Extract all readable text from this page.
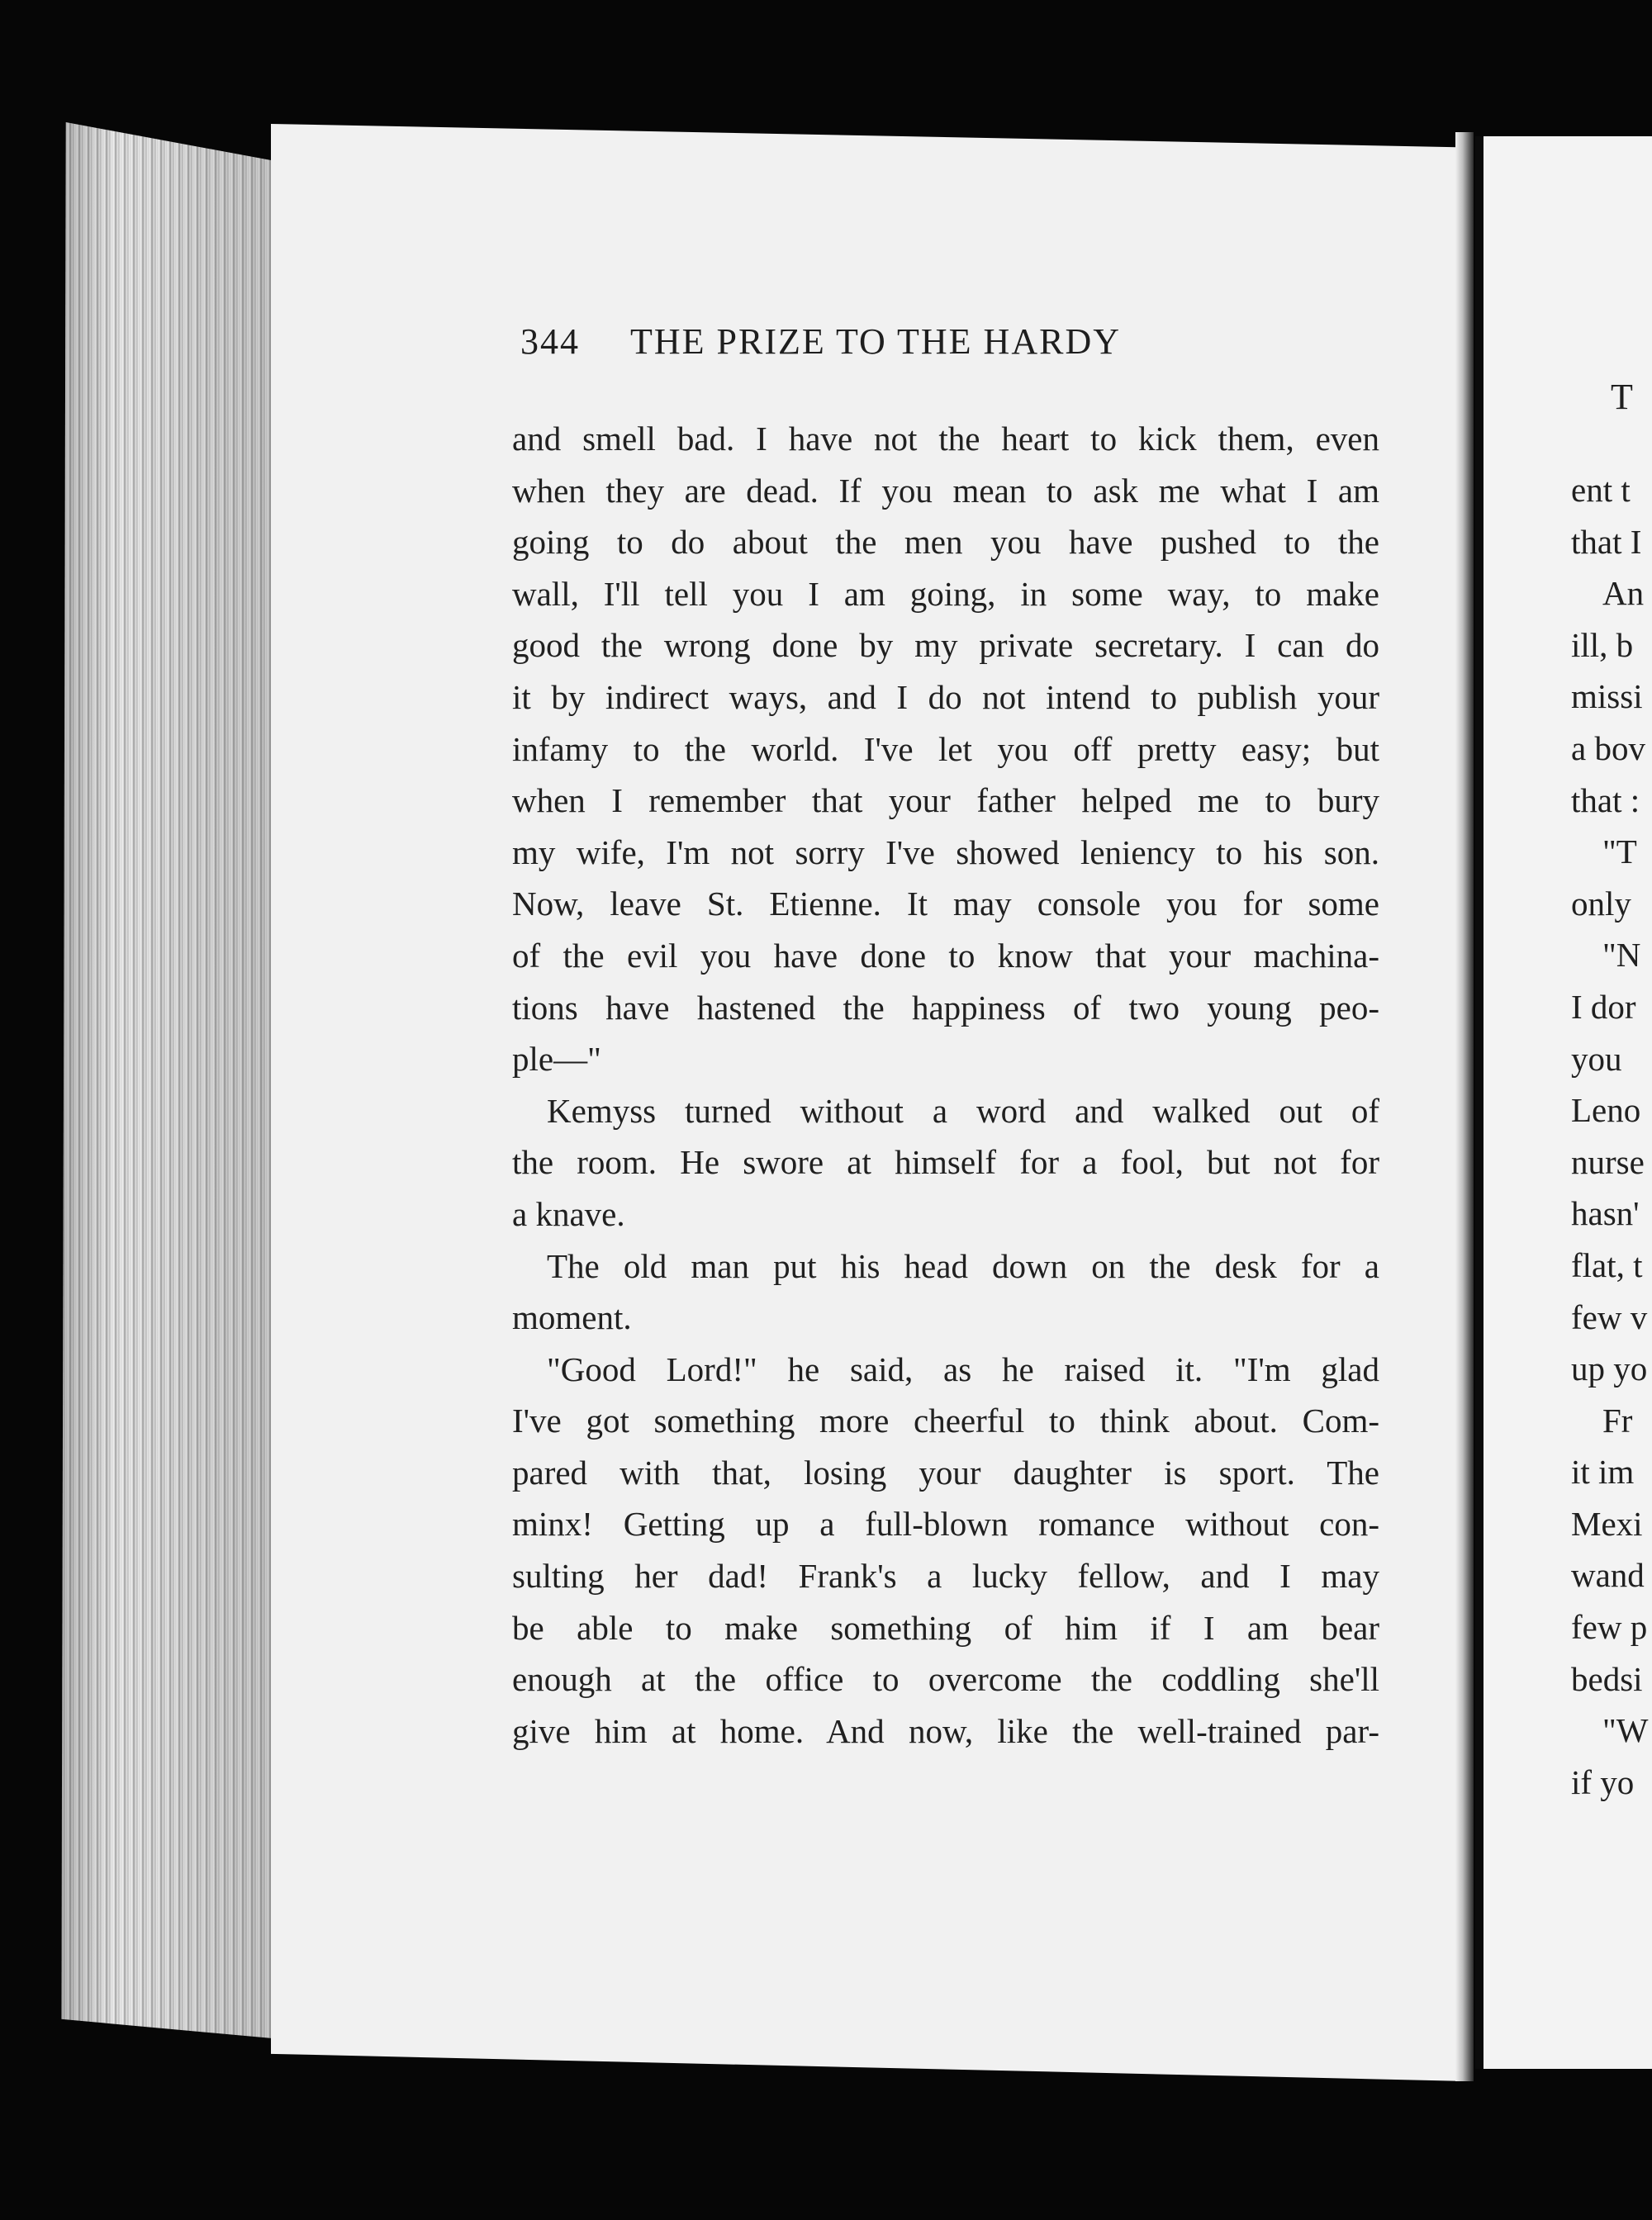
344 THE PRIZE TO THE HARDY
and smell bad. I have not the heart to kick them, even
when they are dead. If you mean to ask me what I am
going to do about the men you have pushed to the
wall, I'll tell you I am going, in some way, to make
good the wrong done by my private secretary. I can do
it by indirect ways, and I do not intend to publish your
infamy to the world. I've let you off pretty easy; but
when I remember that your father helped me to bury
my wife, I'm not sorry I've showed leniency to his son.
Now, leave St. Etienne. It may console you for some
of the evil you have done to know that your machina-
tions have hastened the happiness of two young peo-
ple—"
Kemyss turned without a word and walked out of
the room. He swore at himself for a fool, but not for
a knave.
The old man put his head down on the desk for a
moment.
"Good Lord!" he said, as he raised it. "I'm glad
I've got something more cheerful to think about. Com-
pared with that, losing your daughter is sport. The
minx! Getting up a full-blown romance without con-
sulting her dad! Frank's a lucky fellow, and I may
be able to make something of him if I am bear
enough at the office to overcome the coddling she'll
give him at home. And now, like the well-trained par-
T
ent t
that I
An
ill, b
missi
a bov
that :
"T
only
"N
I dor
you
Leno
nurse
hasn'
flat, t
few v
up yo
Fr
it im
Mexi
wand
few p
bedsi
"W
if yo
